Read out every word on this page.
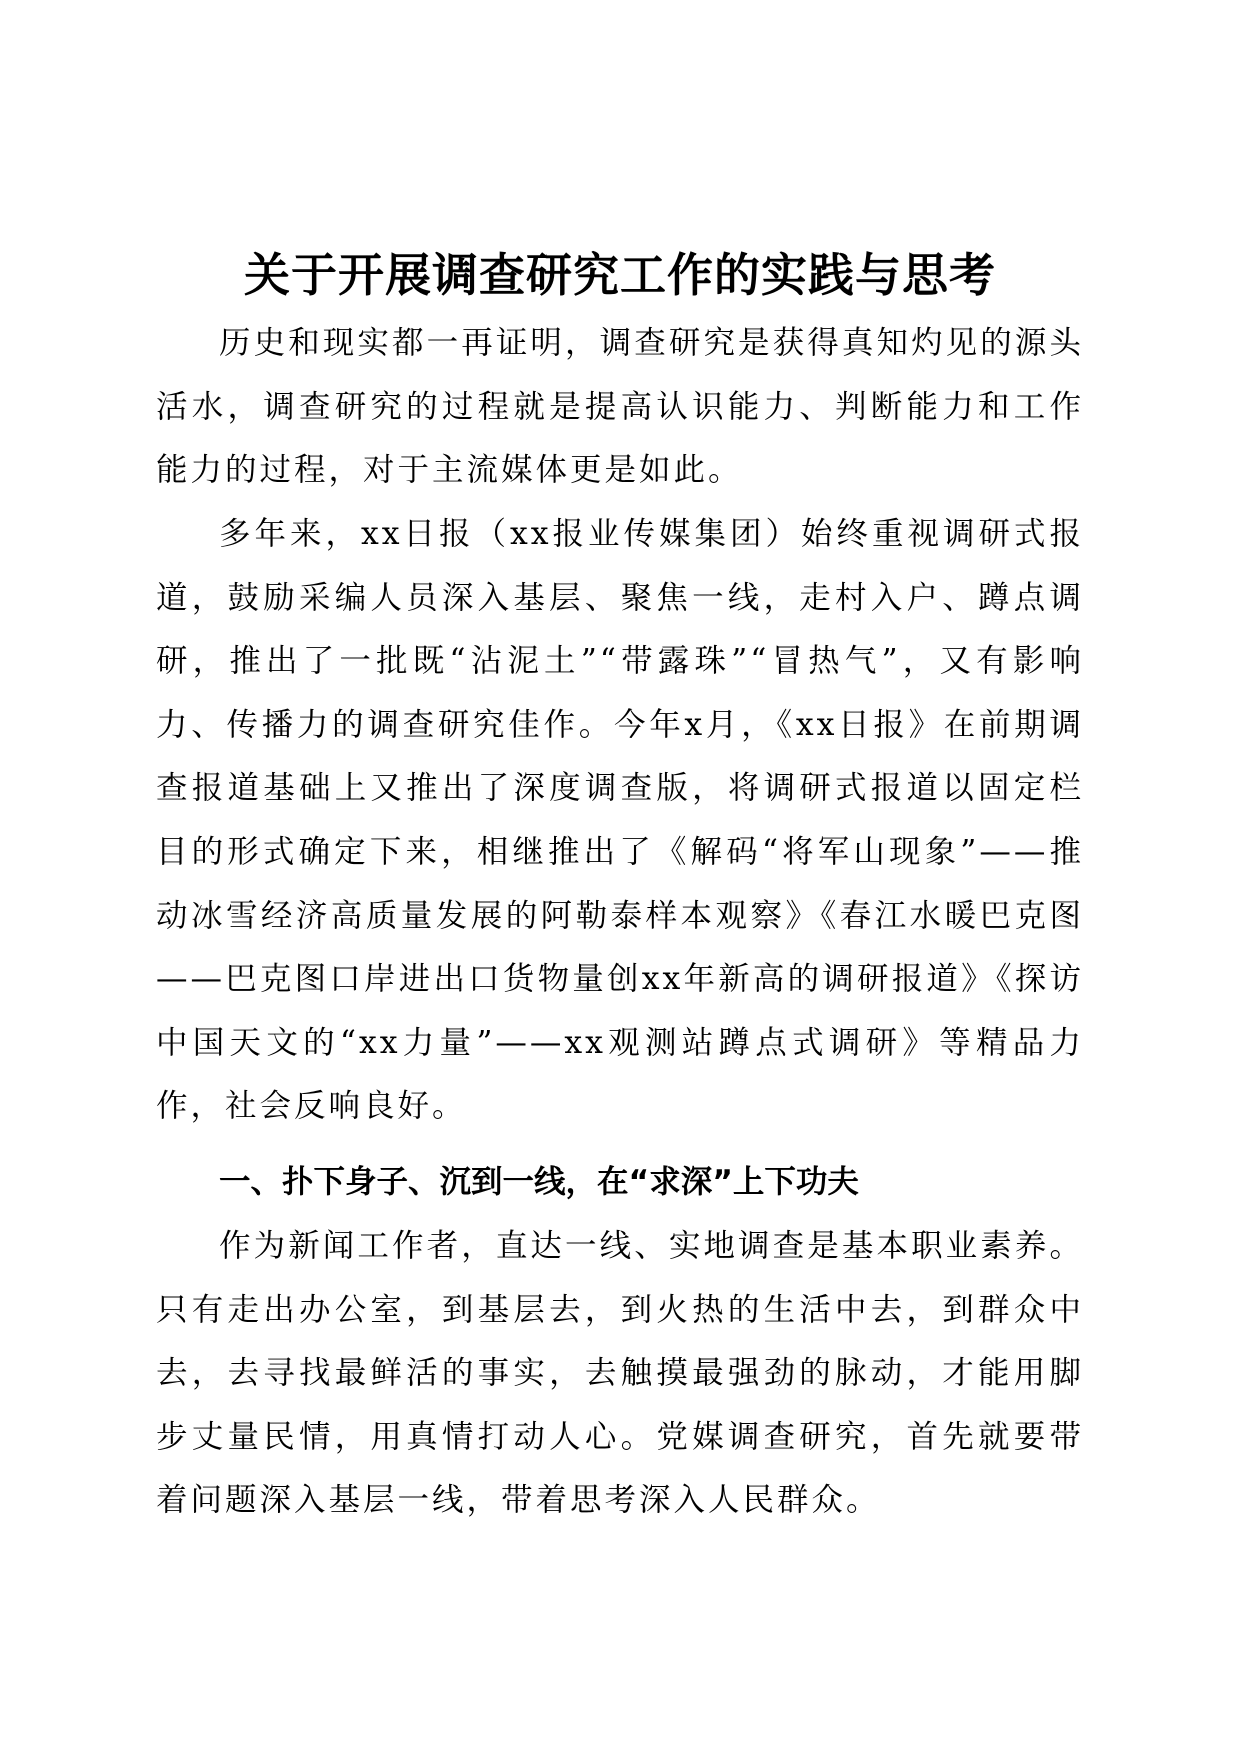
关于开展调查研究工作的实践与思考

历史和现实都一再证明，调查研究是获得真知灼见的源头活水，调查研究的过程就是提高认识能力、判断能力和工作能力的过程，对于主流媒体更是如此。

多年来，xx日报（xx报业传媒集团）始终重视调研式报道，鼓励采编人员深入基层、聚焦一线，走村入户、蹲点调研，推出了一批既“沾泥土”“带露珠”“冒热气”，又有影响力、传播力的调查研究佳作。今年x月，《xx日报》在前期调查报道基础上又推出了深度调查版，将调研式报道以固定栏目的形式确定下来，相继推出了《解码“将军山现象”——推动冰雪经济高质量发展的阿勒泰样本观察》《春江水暖巴克图——巴克图口岸进出口货物量创xx年新高的调研报道》《探访中国天文的“xx力量”——xx观测站蹲点式调研》等精品力作，社会反响良好。

一、扑下身子、沉到一线，在“求深”上下功夫

作为新闻工作者，直达一线、实地调查是基本职业素养。只有走出办公室，到基层去，到火热的生活中去，到群众中去，去寻找最鲜活的事实，去触摸最强劲的脉动，才能用脚步丈量民情，用真情打动人心。党媒调查研究，首先就要带着问题深入基层一线，带着思考深入人民群众。
